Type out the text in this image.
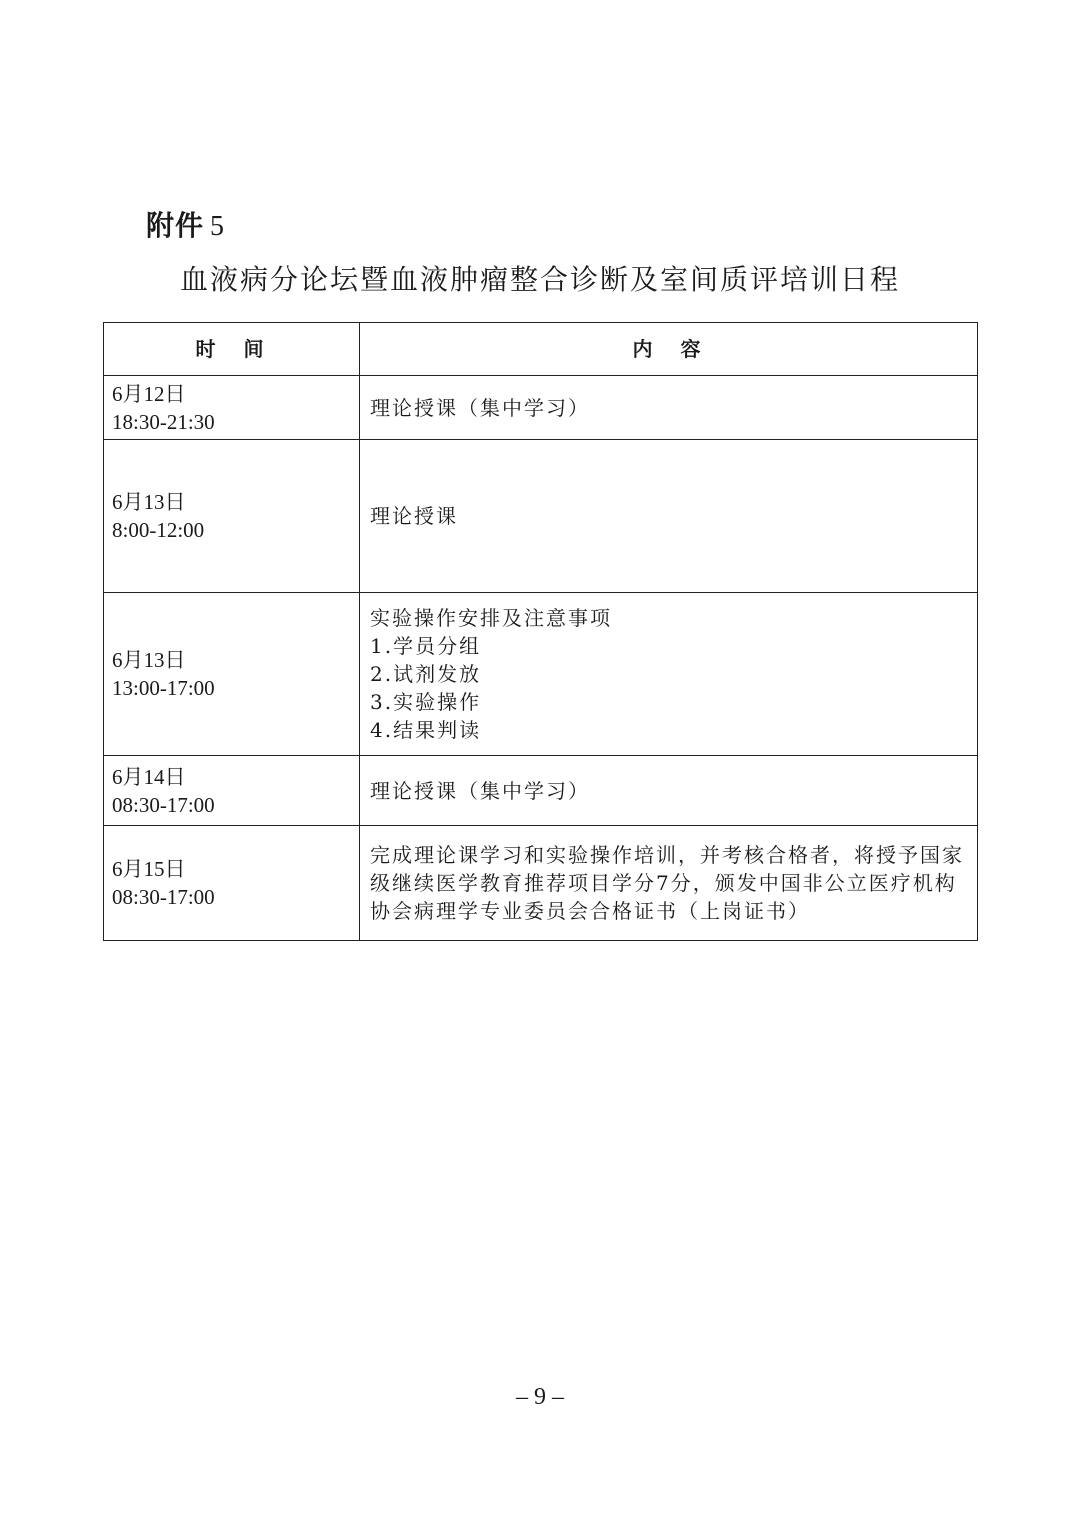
附件 5
血液病分论坛暨血液肿瘤整合诊断及室间质评培训日程
时　间	内　容

6月12日
18:30-21:30	理论授课（集中学习）

6月13日
8:00-12:00	理论授课

6月13日
13:00-17:00	实验操作安排及注意事项
1.学员分组
2.试剂发放
3.实验操作
4.结果判读

6月14日
08:30-17:00	理论授课（集中学习）

6月15日
08:30-17:00	完成理论课学习和实验操作培训，并考核合格者，将授予国家
级继续医学教育推荐项目学分7分，颁发中国非公立医疗机构
协会病理学专业委员会合格证书（上岗证书）
– 9 –
